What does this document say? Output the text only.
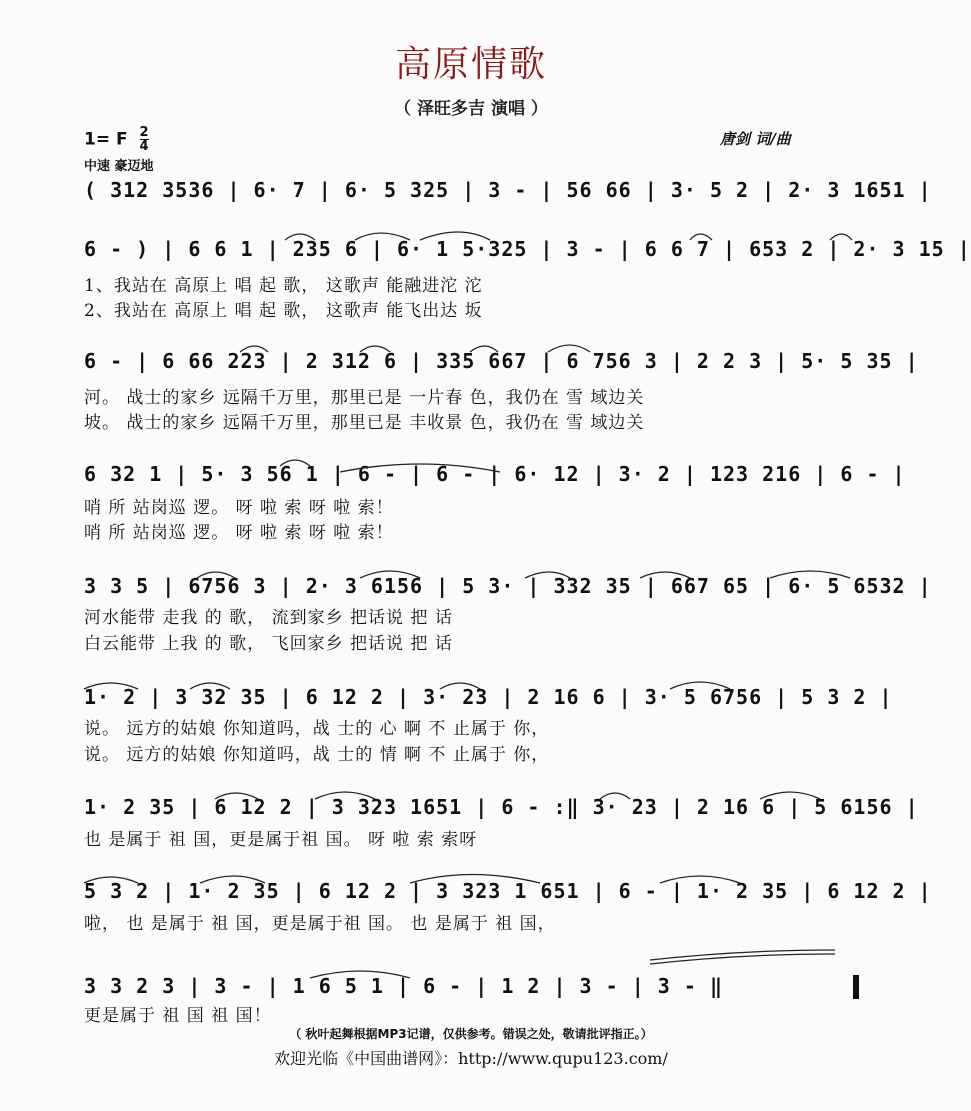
高原情歌
（ 泽旺多吉 演唱 ）
1= F $\frac{2}{4}$
中速 豪迈地
唐剑 词/曲
( 312 3536 | 6· 7 | 6· 5 325 | 3 - | 56 66 | 3· 5 2 | 2· 3 1651 |
6 - ) | 6 6 1 | 235 6 | 6· 1 5·325 | 3 - | 6 6 7 | 653 2 | 2· 3 15 |
1、我站在 高原上 唱 起 歌， 这歌声 能融进沱 沱
2、我站在 高原上 唱 起 歌， 这歌声 能飞出达 坂
6 - | 6 66 223 | 2 312 6 | 335 667 | 6 756 3 | 2 2 3 | 5· 5 35 |
河。 战士的家乡 远隔千万里，那里已是 一片春 色，我仍在 雪 域边关
坡。 战士的家乡 远隔千万里，那里已是 丰收景 色，我仍在 雪 域边关
6 32 1 | 5· 3 56 1 | 6 - | 6 - | 6· 12 | 3· 2 | 123 216 | 6 - |
哨 所 站岗巡 逻。 呀 啦 索 呀 啦 索！
哨 所 站岗巡 逻。 呀 啦 索 呀 啦 索！
3 3 5 | 6756 3 | 2· 3 6156 | 5 3· | 332 35 | 667 65 | 6· 5 6532 |
河水能带 走我 的 歌， 流到家乡 把话说 把 话
白云能带 上我 的 歌， 飞回家乡 把话说 把 话
1· 2 | 3 32 35 | 6 12 2 | 3· 23 | 2 16 6 | 3· 5 6756 | 5 3 2 |
说。 远方的姑娘 你知道吗，战 士的 心 啊 不 止属于 你，
说。 远方的姑娘 你知道吗，战 士的 情 啊 不 止属于 你，
1· 2 35 | 6 12 2 | 3 323 1651 | 6 - :‖ 3· 23 | 2 16 6 | 5 6156 |
也 是属于 祖 国，更是属于祖 国。 呀 啦 索 索呀
5 3 2 | 1· 2 35 | 6 12 2 | 3 323 1 651 | 6 - | 1· 2 35 | 6 12 2 |
啦， 也 是属于 祖 国，更是属于祖 国。 也 是属于 祖 国，
3 3 2 3 | 3 - | 1 6 5 1 | 6 - | 1 2 | 3 - | 3 - ‖
更是属于 祖 国 祖 国！
（ 秋叶起舞根据MP3记谱，仅供参考。错误之处，敬请批评指正。）
欢迎光临《中国曲谱网》：http://www.qupu123.com/
